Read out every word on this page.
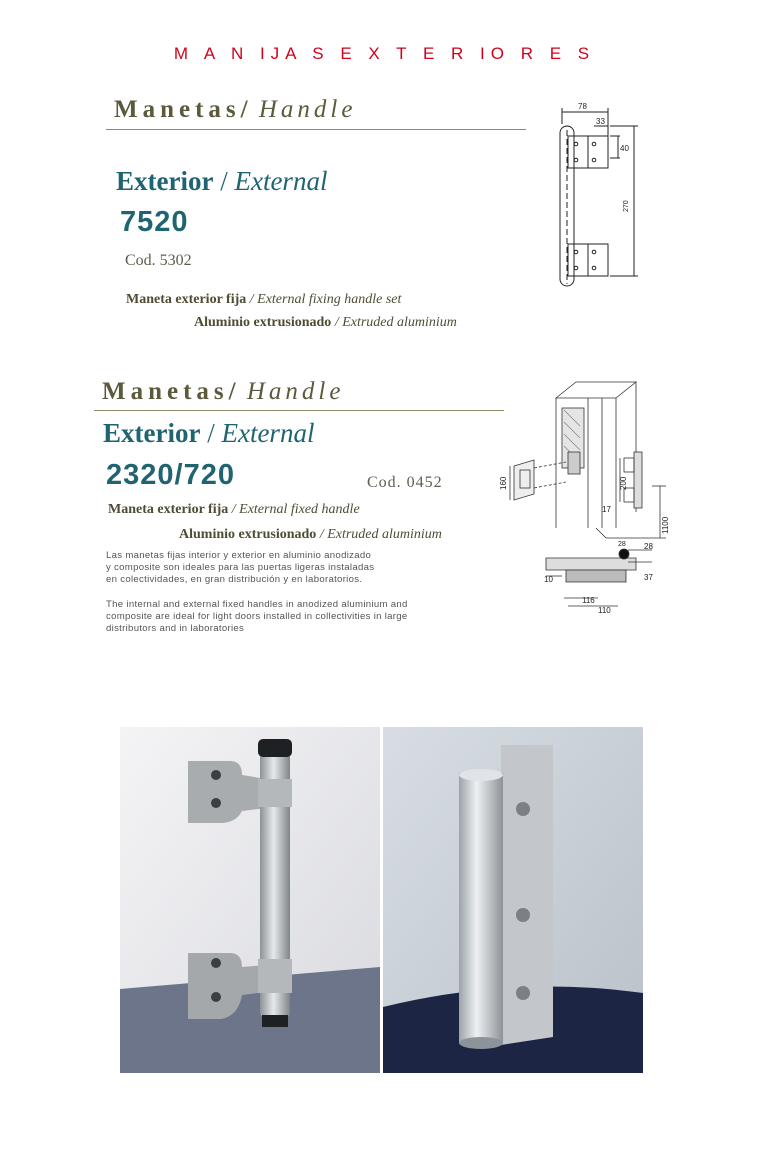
M A N IJA S E X T E R IO R E S
Manetas/ Handle
Exterior / External
7520
Cod. 5302
Maneta exterior fija / External fixing handle set
Aluminio extrusionado / Extruded aluminium
78
33
40
270
Manetas/ Handle
Exterior / External
2320/720	Cod. 0452
Maneta exterior fija / External fixed handle
Aluminio extrusionado / Extruded aluminium
Las manetas fijas interior y exterior en aluminio anodizado
y composite son ideales para las puertas ligeras instaladas
en colectividades, en gran distribución y en laboratorios.
The internal and external fixed handles in anodized aluminium and
composite are ideal for light doors installed in collectivities in large
distributors and in laboratories
160	200
17
1100
28 28
37
10
116
110
